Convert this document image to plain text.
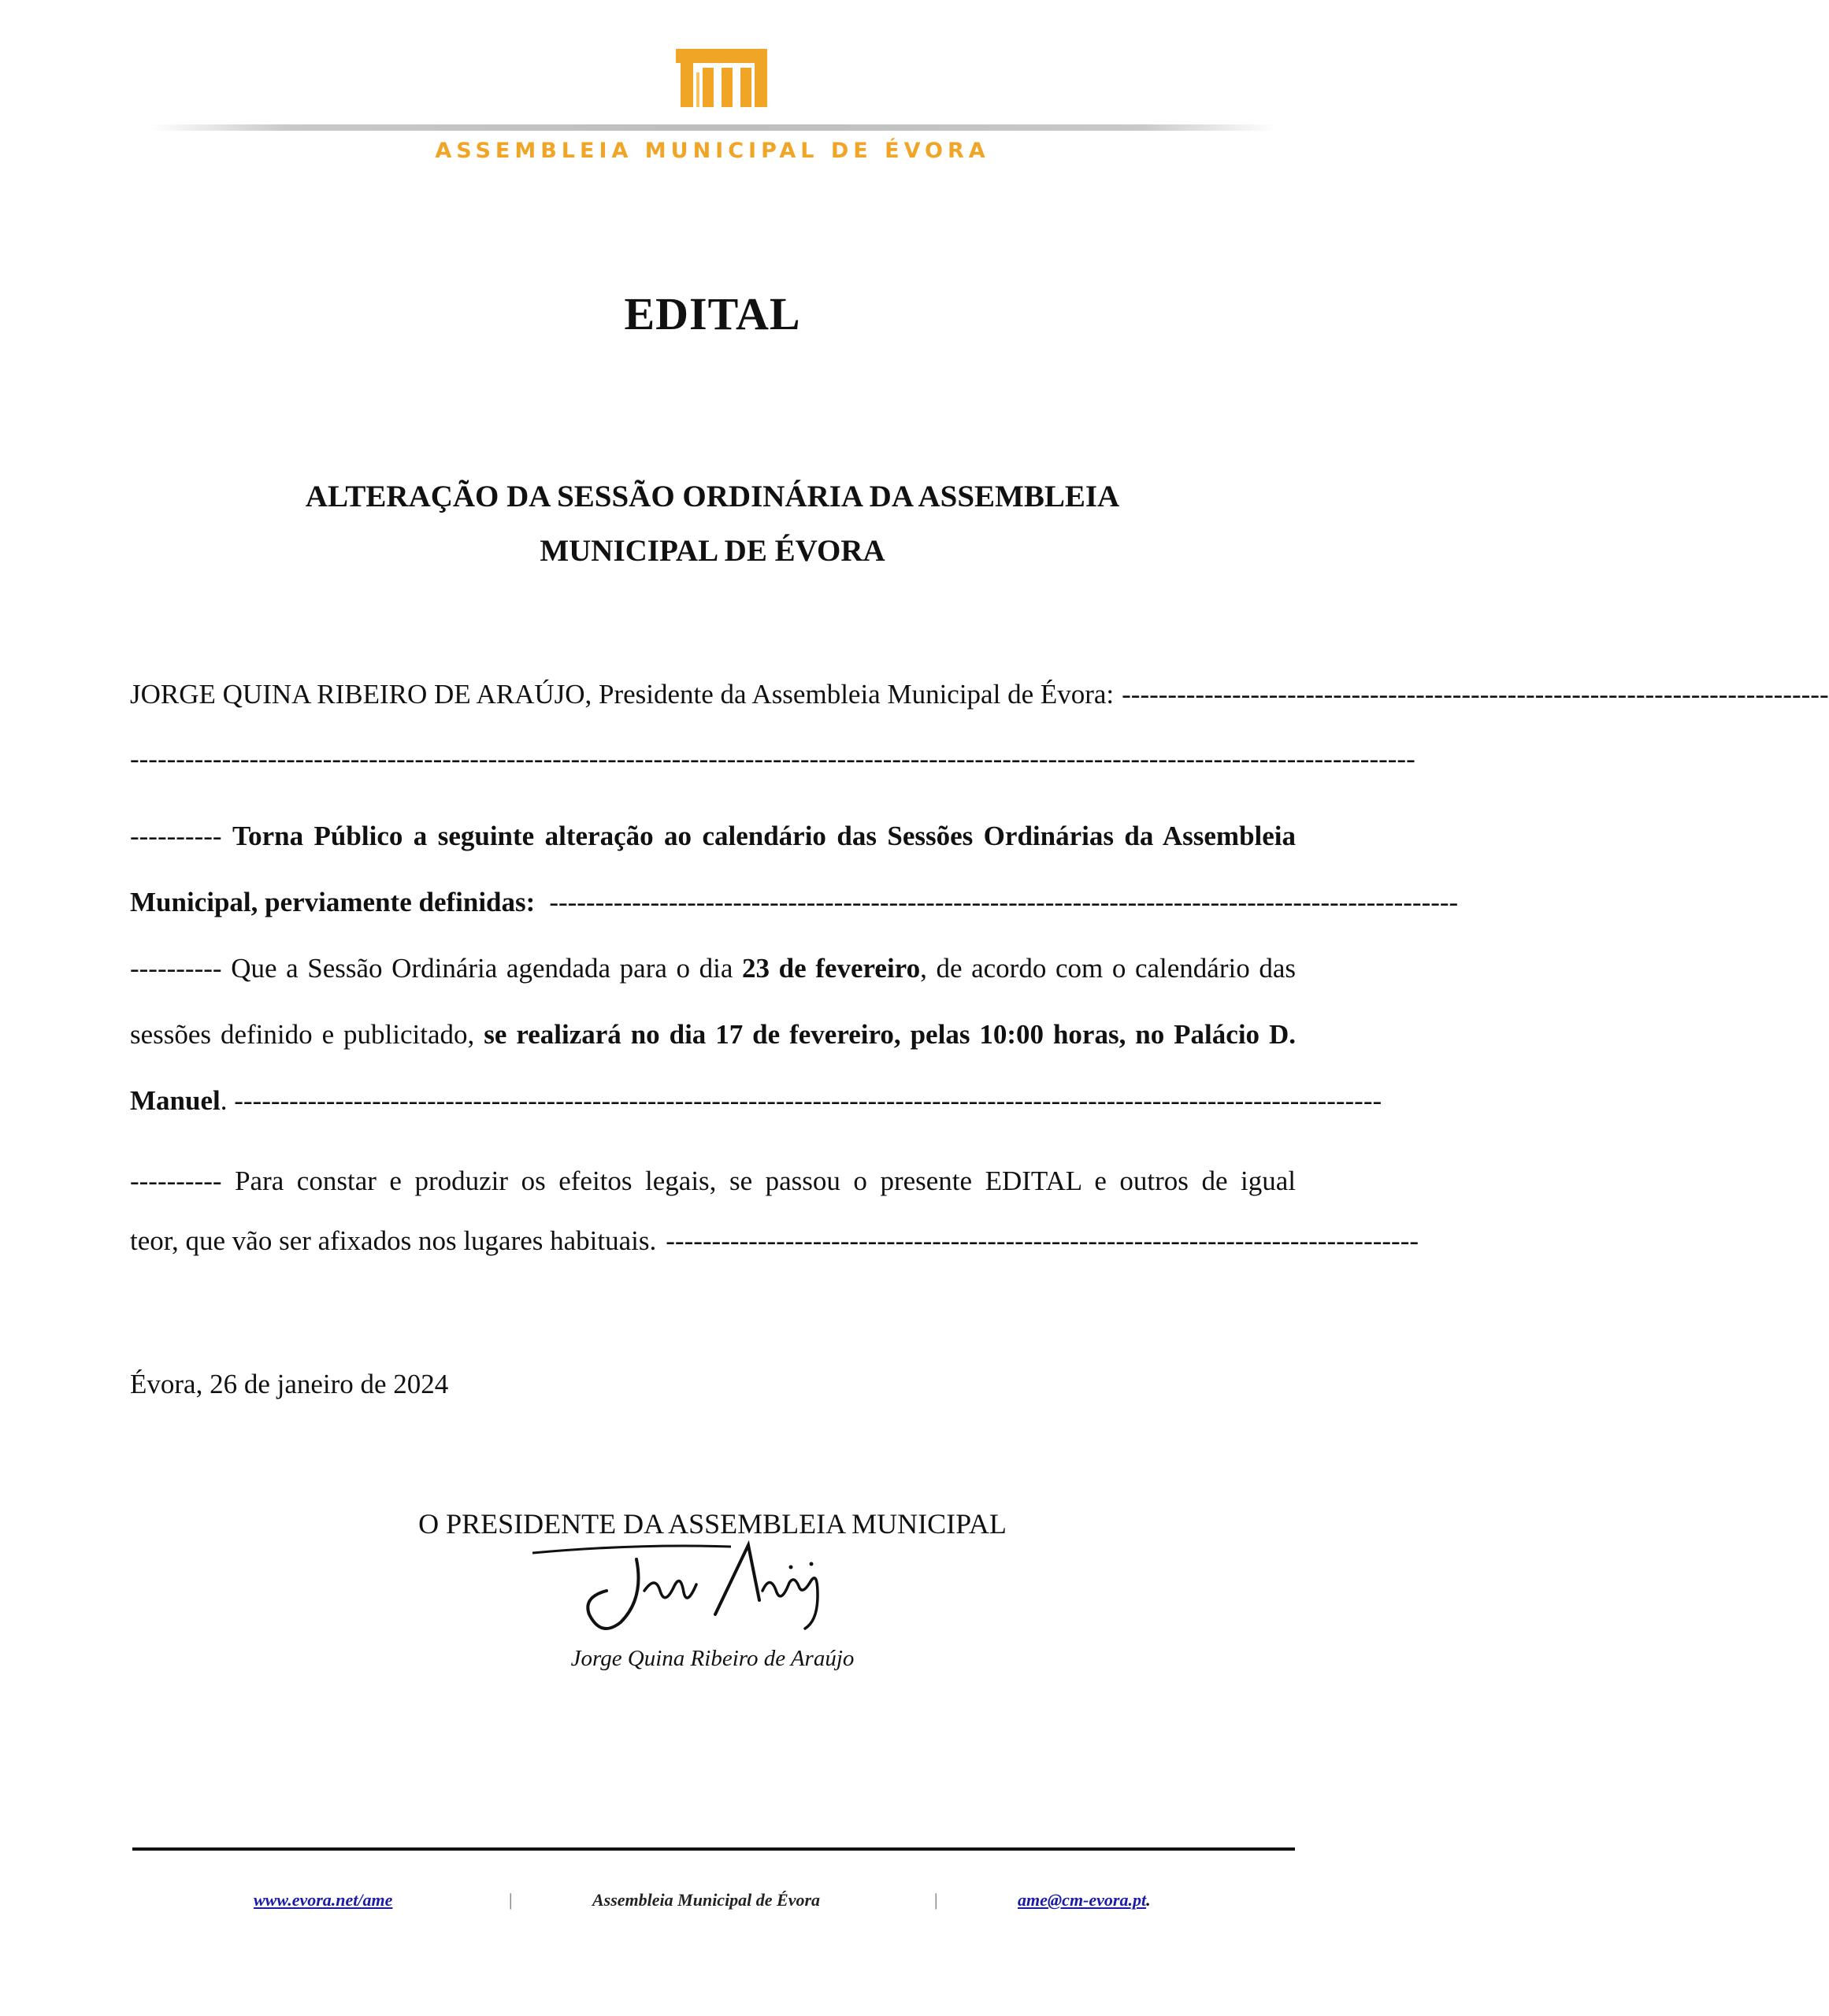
ASSEMBLEIA MUNICIPAL DE ÉVORA
EDITAL
ALTERAÇÃO DA SESSÃO ORDINÁRIA DA ASSEMBLEIA
MUNICIPAL DE ÉVORA
JORGE QUINA RIBEIRO DE ARAÚJO, Presidente da Assembleia Municipal de Évora: -----------------------------------------------------------------------------
--------------------------------------------------------------------------------------------------------------------------------------------
---------- Torna Público a seguinte alteração ao calendário das Sessões Ordinárias da Assembleia
Municipal, perviamente definidas: ---------------------------------------------------------------------------------------------------
---------- Que a Sessão Ordinária agendada para o dia 23 de fevereiro, de acordo com o calendário das
sessões definido e publicitado, se realizará no dia 17 de fevereiro, pelas 10:00 horas, no Palácio D.
Manuel . -----------------------------------------------------------------------------------------------------------------------------
---------- Para constar e produzir os efeitos legais, se passou o presente EDITAL e outros de igual
teor, que vão ser afixados nos lugares habituais. ----------------------------------------------------------------------------------
Évora, 26 de janeiro de 2024
O PRESIDENTE DA ASSEMBLEIA MUNICIPAL
Jorge Quina Ribeiro de Araújo
www.evora.net/ame	|	Assembleia Municipal de Évora	|	ame@cm-evora.pt.
